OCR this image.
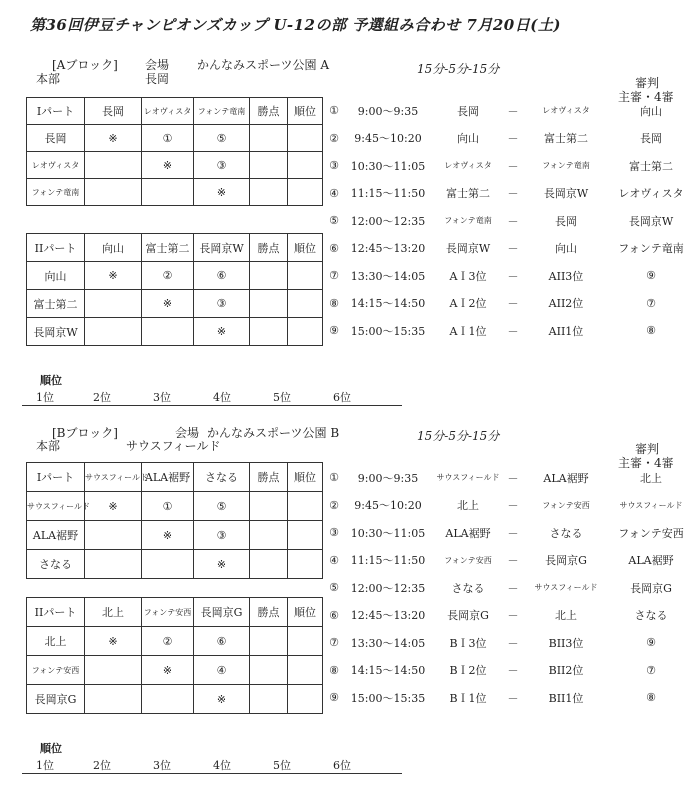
第36回伊豆チャンピオンズカップ U-12の部 予選組み合わせ 7月20日(土)
[Aブロック]
本部
会場
長岡
かんなみスポーツ公園 A	15分-5分-15分
審判
主審・4審
Iパート	長岡	レオヴィスタ	フォンテ竜南	勝点	順位
長岡	※	①	⑤		
レオヴィスタ		※	③		
フォンテ竜南			※		
IIパート	向山	富士第二	長岡京W	勝点	順位
向山	※	②	⑥		
富士第二		※	③		
長岡京W			※		
①	9:00～9:35	長岡	－	レオヴィスタ	向山
②	9:45～10:20	向山	－	富士第二	長岡
③	10:30～11:05	レオヴィスタ	－	フォンテ竜南	富士第二
④	11:15～11:50	富士第二	－	長岡京W	レオヴィスタ
⑤	12:00～12:35	フォンテ竜南	－	長岡	長岡京W
⑥	12:45～13:20	長岡京W	－	向山	フォンテ竜南
⑦	13:30～14:05	AＩ3位	－	AII3位	⑨
⑧	14:15～14:50	AＩ2位	－	AII2位	⑦
⑨	15:00～15:35	AＩ1位	－	AII1位	⑧
順位
1位	2位	3位	4位	5位	6位
[Bブロック]
本部
会場
サウスフィールド
かんなみスポーツ公園 B	15分-5分-15分
審判
主審・4審
Iパート	サウスフィールド	ALA裾野	さなる	勝点	順位
サウスフィールド	※	①	⑤		
ALA裾野		※	③		
さなる			※		
IIパート	北上	フォンテ安西	長岡京G	勝点	順位
北上	※	②	⑥		
フォンテ安西		※	④		
長岡京G			※		
①	9:00～9:35	サウスフィールド	－	ALA裾野	北上
②	9:45～10:20	北上	－	フォンテ安西	サウスフィールド
③	10:30～11:05	ALA裾野	－	さなる	フォンテ安西
④	11:15～11:50	フォンテ安西	－	長岡京G	ALA裾野
⑤	12:00～12:35	さなる	－	サウスフィールド	長岡京G
⑥	12:45～13:20	長岡京G	－	北上	さなる
⑦	13:30～14:05	BＩ3位	－	BII3位	⑨
⑧	14:15～14:50	BＩ2位	－	BII2位	⑦
⑨	15:00～15:35	BＩ1位	－	BII1位	⑧
順位
1位	2位	3位	4位	5位	6位
